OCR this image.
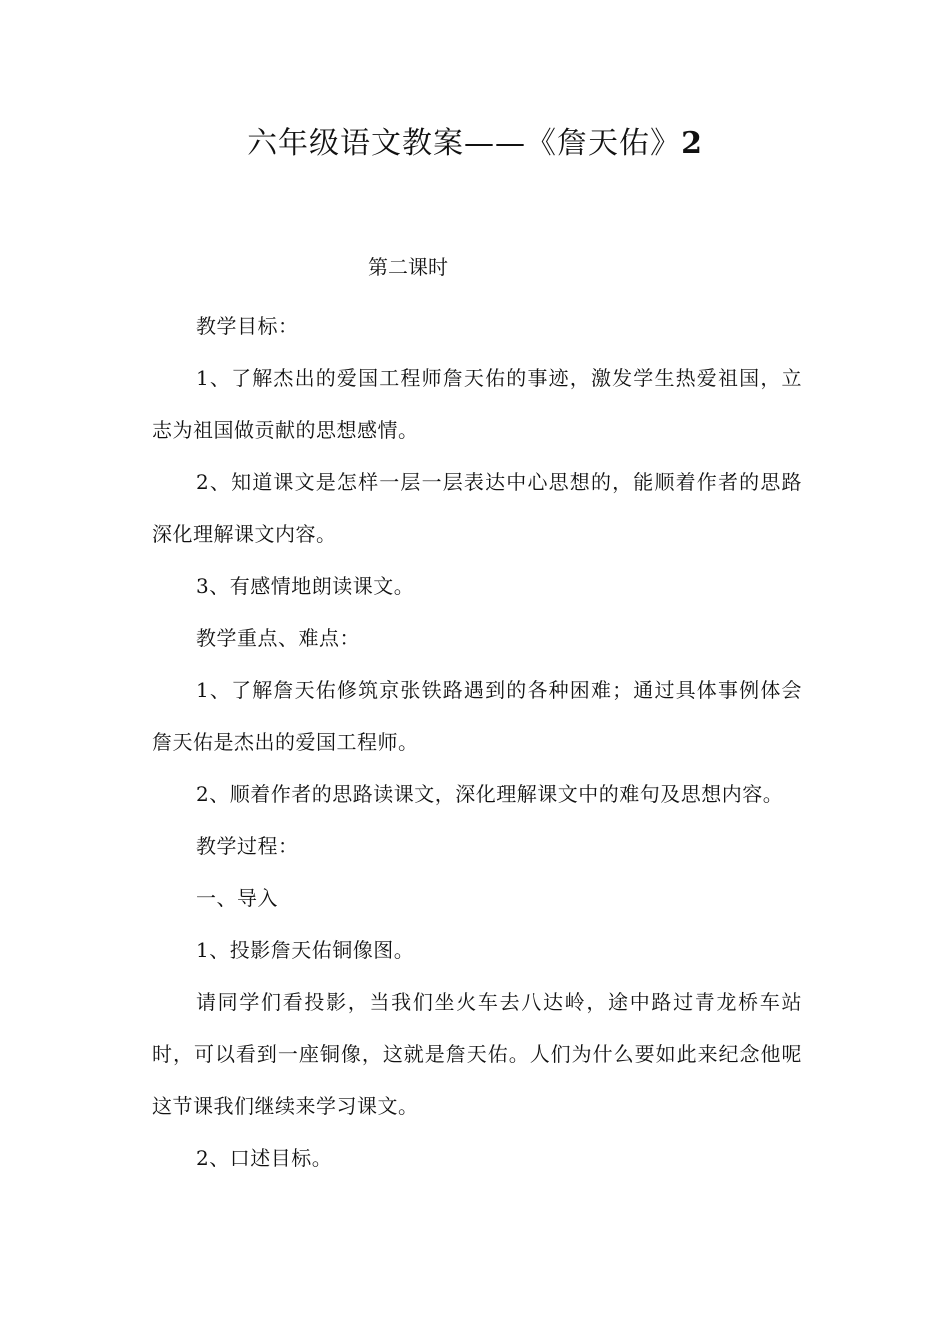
六年级语文教案——《詹天佑》2

第二课时

教学目标：

1、了解杰出的爱国工程师詹天佑的事迹，激发学生热爱祖国，立志为祖国做贡献的思想感情。

2、知道课文是怎样一层一层表达中心思想的，能顺着作者的思路深化理解课文内容。

3、有感情地朗读课文。

教学重点、难点：

1、了解詹天佑修筑京张铁路遇到的各种困难；通过具体事例体会詹天佑是杰出的爱国工程师。

2、顺着作者的思路读课文，深化理解课文中的难句及思想内容。

教学过程：

一、导入

1、投影詹天佑铜像图。

请同学们看投影，当我们坐火车去八达岭，途中路过青龙桥车站时，可以看到一座铜像，这就是詹天佑。人们为什么要如此来纪念他呢这节课我们继续来学习课文。

2、口述目标。
